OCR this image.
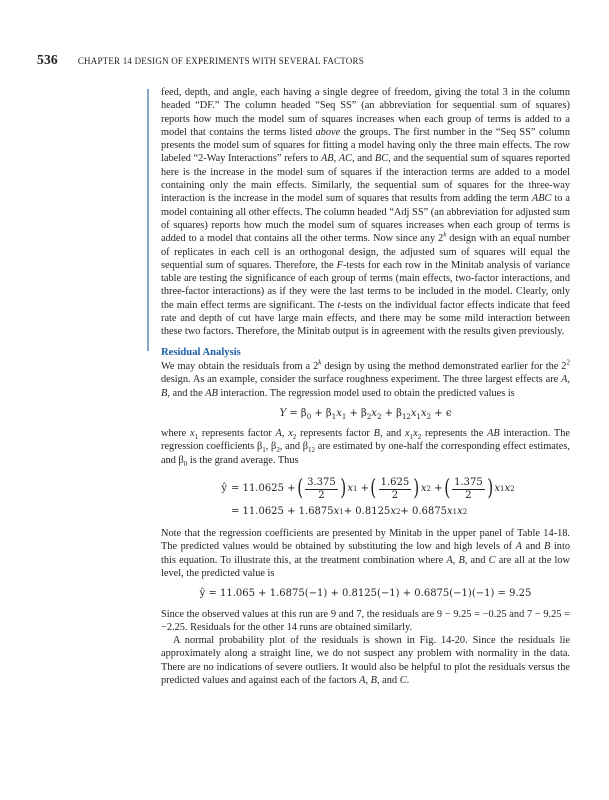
536 CHAPTER 14 DESIGN OF EXPERIMENTS WITH SEVERAL FACTORS

feed, depth, and angle, each having a single degree of freedom, giving the total 3 in the column headed “DF.” The column headed “Seq SS” (an abbreviation for sequential sum of squares) reports how much the model sum of squares increases when each group of terms is added to a model that contains the terms listed above the groups. The first number in the “Seq SS” column presents the model sum of squares for fitting a model having only the three main effects. The row labeled “2-Way Interactions” refers to AB, AC, and BC, and the sequential sum of squares reported here is the increase in the model sum of squares if the interaction terms are added to a model containing only the main effects. Similarly, the sequential sum of squares for the three-way interaction is the increase in the model sum of squares that results from adding the term ABC to a model containing all other effects. The column headed “Adj SS” (an abbreviation for adjusted sum of squares) reports how much the model sum of squares increases when each group of terms is added to a model that contains all the other terms. Now since any 2$^k$ design with an equal number of replicates in each cell is an orthogonal design, the adjusted sum of squares will equal the sequential sum of squares. Therefore, the F-tests for each row in the Minitab analysis of variance table are testing the significance of each group of terms (main effects, two-factor interactions, and three-factor interactions) as if they were the last terms to be included in the model. Clearly, only the main effect terms are significant. The t-tests on the individual factor effects indicate that feed rate and depth of cut have large main effects, and there may be some mild interaction between these two factors. Therefore, the Minitab output is in agreement with the results given previously.

Residual Analysis

We may obtain the residuals from a 2$^k$ design by using the method demonstrated earlier for the $2^2$ design. As an example, consider the surface roughness experiment. The three largest effects are A, B, and the AB interaction. The regression model used to obtain the predicted values is

$Y = \beta_0 + \beta_1x_1 + \beta_2x_2 + \beta_{12}x_1x_2 + \epsilon$

where $x_1$ represents factor A, $x_2$ represents factor B, and $x_1x_2$ represents the AB interaction. The regression coefficients $\beta_1$, $\beta_2$, and $\beta_{12}$ are estimated by one-half the corresponding effect estimates, and $\beta_0$ is the grand average. Thus

ŷ =
11.0625
+ ( $\frac{3.375}{2}$ ) x 1
+ ( $\frac{1.625}{2}$ ) x 2
+ ( $\frac{1.375}{2}$ ) x 1 x 2
= 11.0625 + 1.6875 x 1 + 0.8125 x 2 + 0.6875 x 1 x 2

Note that the regression coefficients are presented by Minitab in the upper panel of Table 14-18. The predicted values would be obtained by substituting the low and high levels of A and B into this equation. To illustrate this, at the treatment combination where A, B, and C are all at the low level, the predicted value is

ŷ = 11.065 + 1.6875(−1) + 0.8125(−1) + 0.6875(−1)(−1) = 9.25

Since the observed values at this run are 9 and 7, the residuals are 9 − 9.25 = −0.25 and 7 − 9.25 = −2.25. Residuals for the other 14 runs are obtained similarly.

A normal probability plot of the residuals is shown in Fig. 14-20. Since the residuals lie approximately along a straight line, we do not suspect any problem with normality in the data. There are no indications of severe outliers. It would also be helpful to plot the residuals versus the predicted values and against each of the factors A, B, and C.
